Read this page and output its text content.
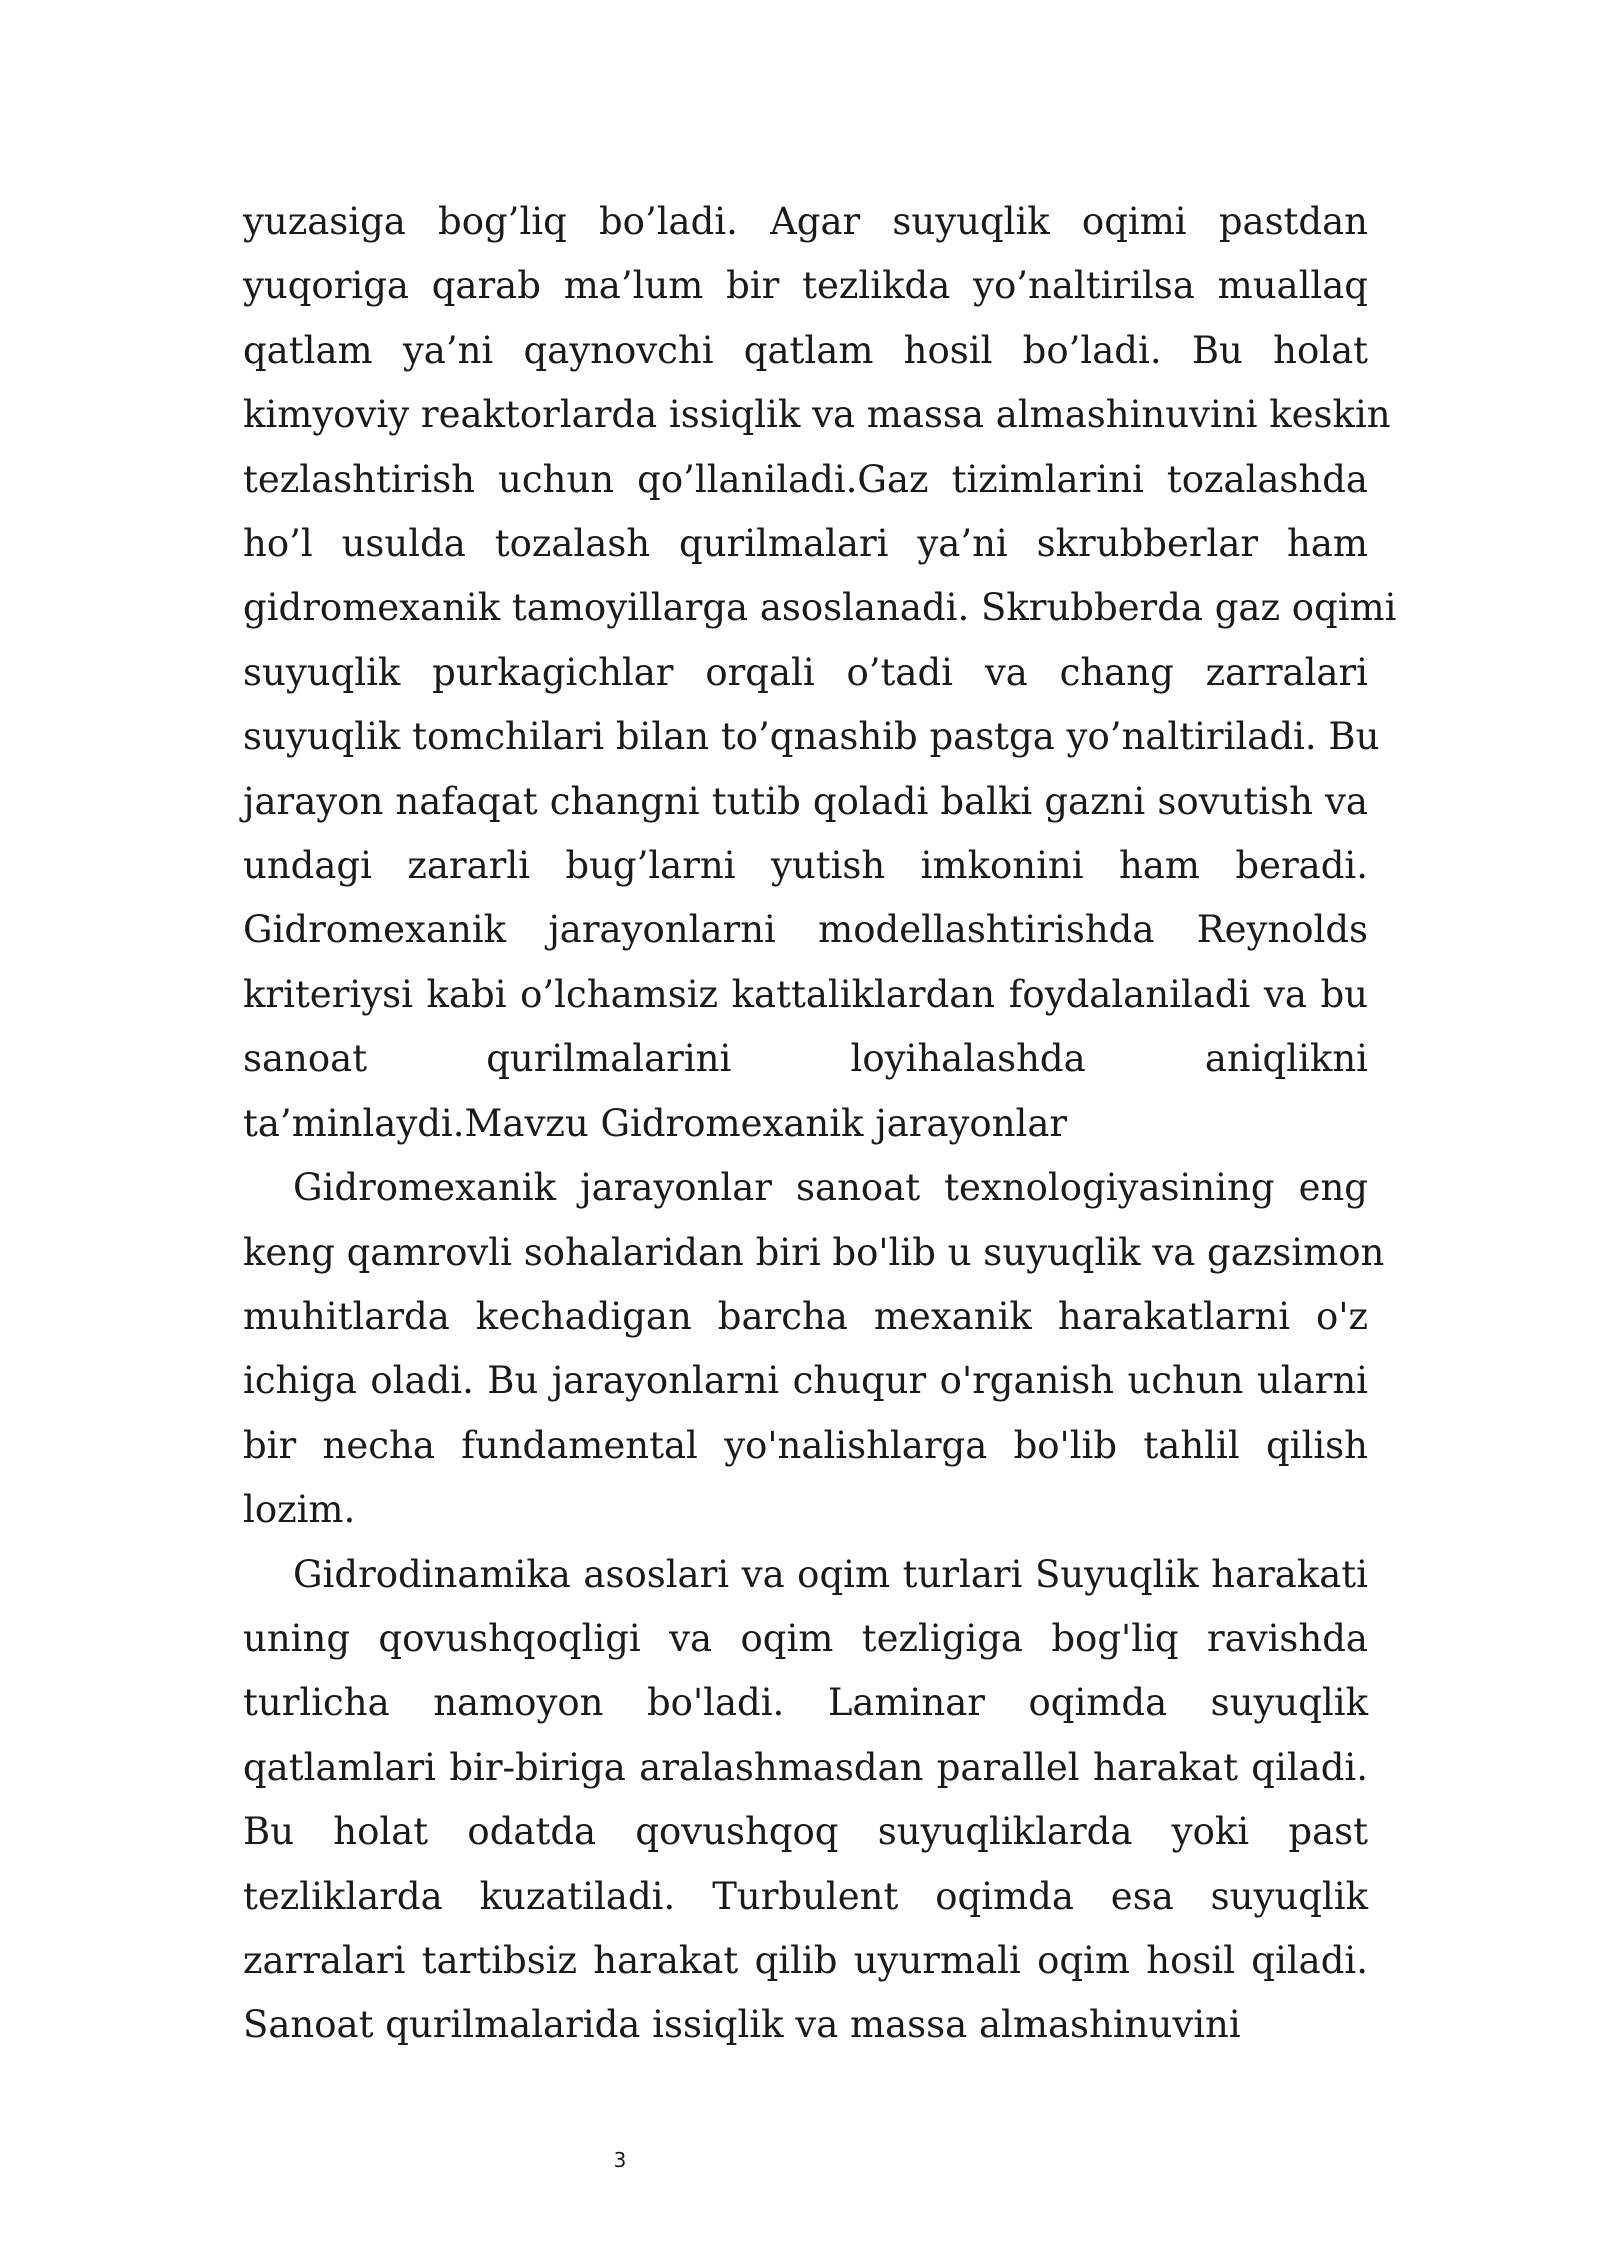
yuzasiga bog’liq bo’ladi. Agar suyuqlik oqimi pastdan
yuqoriga qarab ma’lum bir tezlikda yo’naltirilsa muallaq
qatlam ya’ni qaynovchi qatlam hosil bo’ladi. Bu holat
kimyoviy reaktorlarda issiqlik va massa almashinuvini keskin
tezlashtirish uchun qo’llaniladi.Gaz tizimlarini tozalashda
ho’l usulda tozalash qurilmalari ya’ni skrubberlar ham
gidromexanik tamoyillarga asoslanadi. Skrubberda gaz oqimi
suyuqlik purkagichlar orqali o’tadi va chang zarralari
suyuqlik tomchilari bilan to’qnashib pastga yo’naltiriladi. Bu
jarayon nafaqat changni tutib qoladi balki gazni sovutish va
undagi zararli bug’larni yutish imkonini ham beradi.
Gidromexanik jarayonlarni modellashtirishda Reynolds
kriteriysi kabi o’lchamsiz kattaliklardan foydalaniladi va bu
sanoat qurilmalarini loyihalashda aniqlikni
ta’minlaydi.Mavzu Gidromexanik jarayonlar
Gidromexanik jarayonlar sanoat texnologiyasining eng
keng qamrovli sohalaridan biri bo'lib u suyuqlik va gazsimon
muhitlarda kechadigan barcha mexanik harakatlarni o'z
ichiga oladi. Bu jarayonlarni chuqur o'rganish uchun ularni
bir necha fundamental yo'nalishlarga bo'lib tahlil qilish
lozim.
Gidrodinamika asoslari va oqim turlari Suyuqlik harakati
uning qovushqoqligi va oqim tezligiga bog'liq ravishda
turlicha namoyon bo'ladi. Laminar oqimda suyuqlik
qatlamlari bir-biriga aralashmasdan parallel harakat qiladi.
Bu holat odatda qovushqoq suyuqliklarda yoki past
tezliklarda kuzatiladi. Turbulent oqimda esa suyuqlik
zarralari tartibsiz harakat qilib uyurmali oqim hosil qiladi.
Sanoat qurilmalarida issiqlik va massa almashinuvini
3
